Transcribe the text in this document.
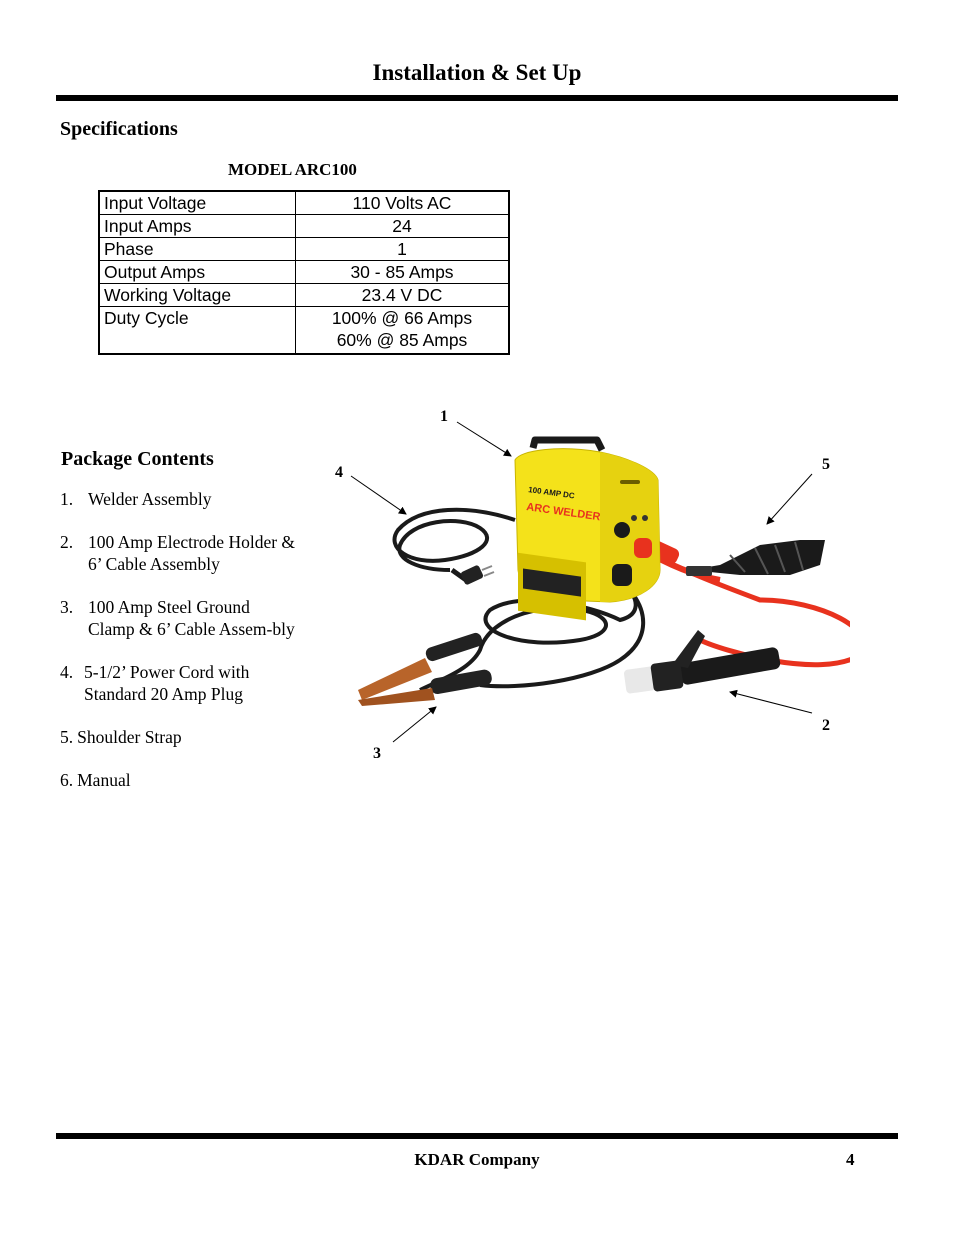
Installation & Set Up
Specifications
MODEL ARC100
Input Voltage	110 Volts AC
Input Amps	24
Phase	1
Output Amps	30 - 85 Amps
Working Voltage	23.4 V DC
Duty Cycle	100% @ 66 Amps
60% @ 85 Amps
Package Contents
1. Welder Assembly
2. 100 Amp Electrode Holder & 6’ Cable Assembly
3. 100 Amp Steel Ground Clamp & 6’ Cable Assem-bly
4. 5-1/2’ Power Cord with Standard 20 Amp Plug
5. Shoulder Strap
6. Manual
100 AMP DC
ARC WELDER
1
2
3
4	5
KDAR Company	4
